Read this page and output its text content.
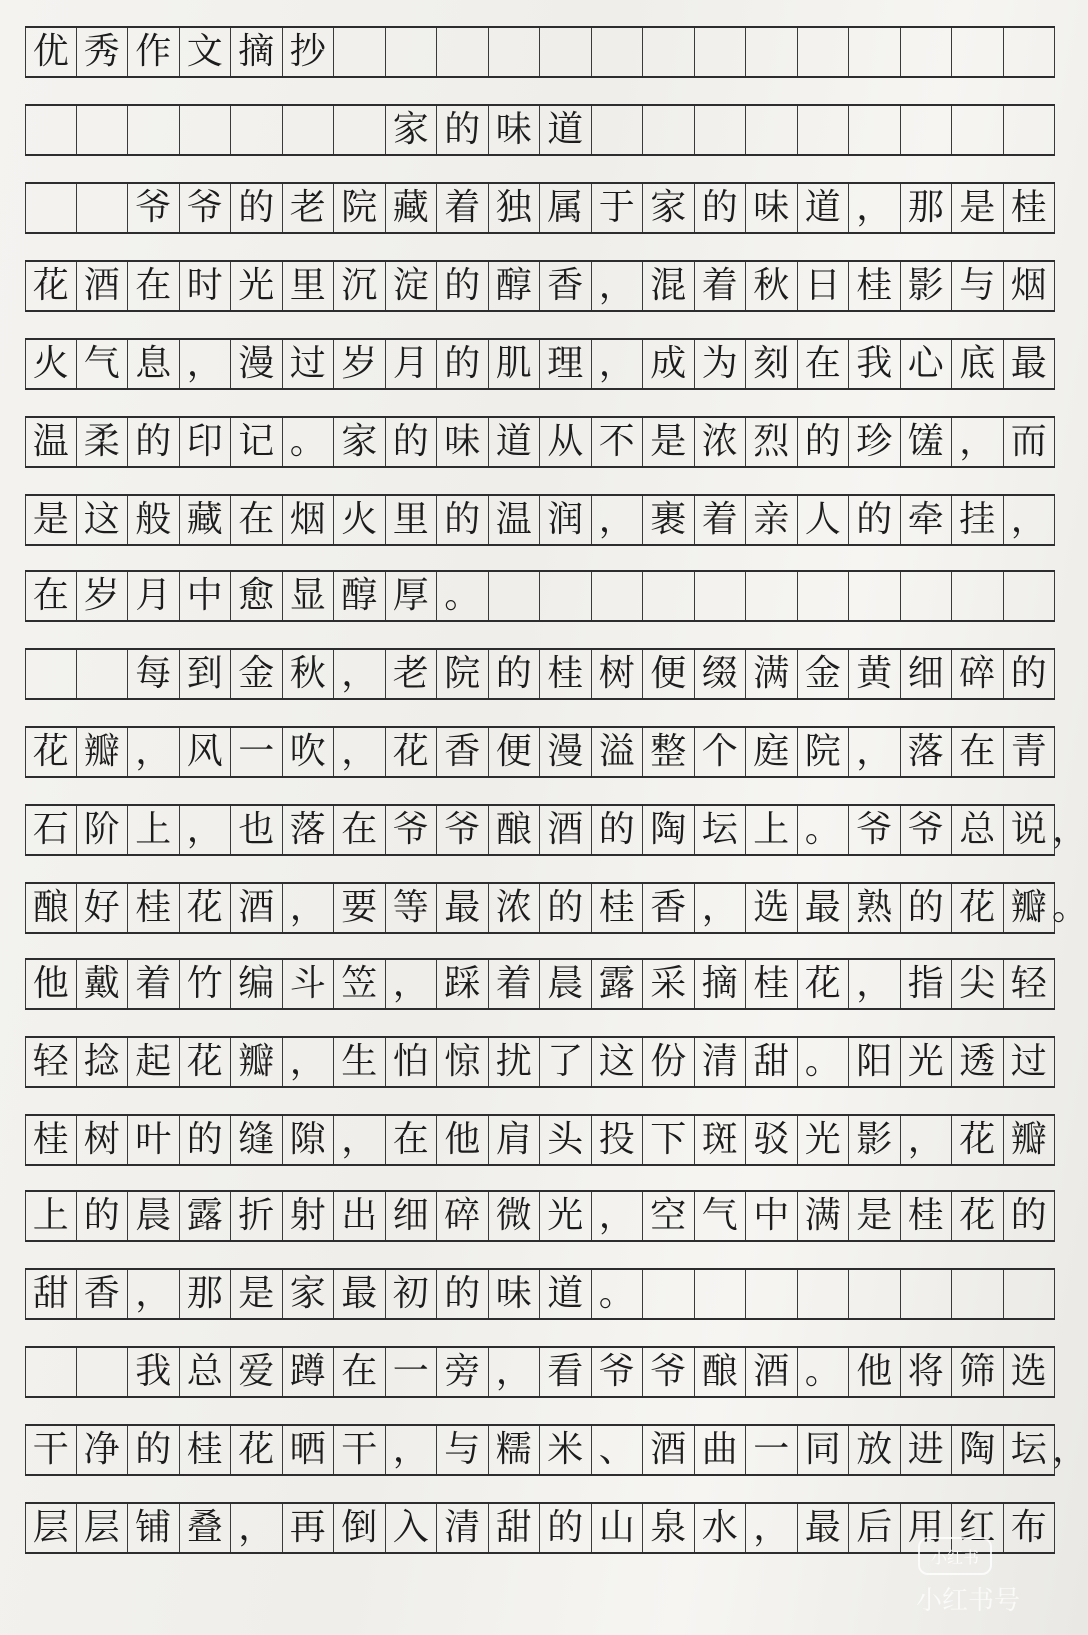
优 秀 作 文 摘 抄
家 的 味 道
爷 爷 的 老 院 藏 着 独 属 于 家 的 味 道 ， 那 是 桂
花 酒 在 时 光 里 沉 淀 的 醇 香 ， 混 着 秋 日 桂 影 与 烟
火 气 息 ， 漫 过 岁 月 的 肌 理 ， 成 为 刻 在 我 心 底 最
温 柔 的 印 记 。 家 的 味 道 从 不 是 浓 烈 的 珍 馐 ， 而
是 这 般 藏 在 烟 火 里 的 温 润 ， 裹 着 亲 人 的 牵 挂 ，
在 岁 月 中 愈 显 醇 厚 。
每 到 金 秋 ， 老 院 的 桂 树 便 缀 满 金 黄 细 碎 的
花 瓣 ， 风 一 吹 ， 花 香 便 漫 溢 整 个 庭 院 ， 落 在 青
石 阶 上 ， 也 落 在 爷 爷 酿 酒 的 陶 坛 上 。 爷 爷 总 说
酿 好 桂 花 酒 ， 要 等 最 浓 的 桂 香 ， 选 最 熟 的 花 瓣
他 戴 着 竹 编 斗 笠 ， 踩 着 晨 露 采 摘 桂 花 ， 指 尖 轻
轻 捻 起 花 瓣 ， 生 怕 惊 扰 了 这 份 清 甜 。 阳 光 透 过
桂 树 叶 的 缝 隙 ， 在 他 肩 头 投 下 斑 驳 光 影 ， 花 瓣
上 的 晨 露 折 射 出 细 碎 微 光 ， 空 气 中 满 是 桂 花 的
甜 香 ， 那 是 家 最 初 的 味 道 。
我 总 爱 蹲 在 一 旁 ， 看 爷 爷 酿 酒 。 他 将 筛 选
干 净 的 桂 花 晒 干 ， 与 糯 米 、 酒 曲 一 同 放 进 陶 坛
层 层 铺 叠 ， 再 倒 入 清 甜 的 山 泉 水 ， 最 后 用 红 布
小红书
小红书号
，
。
，
